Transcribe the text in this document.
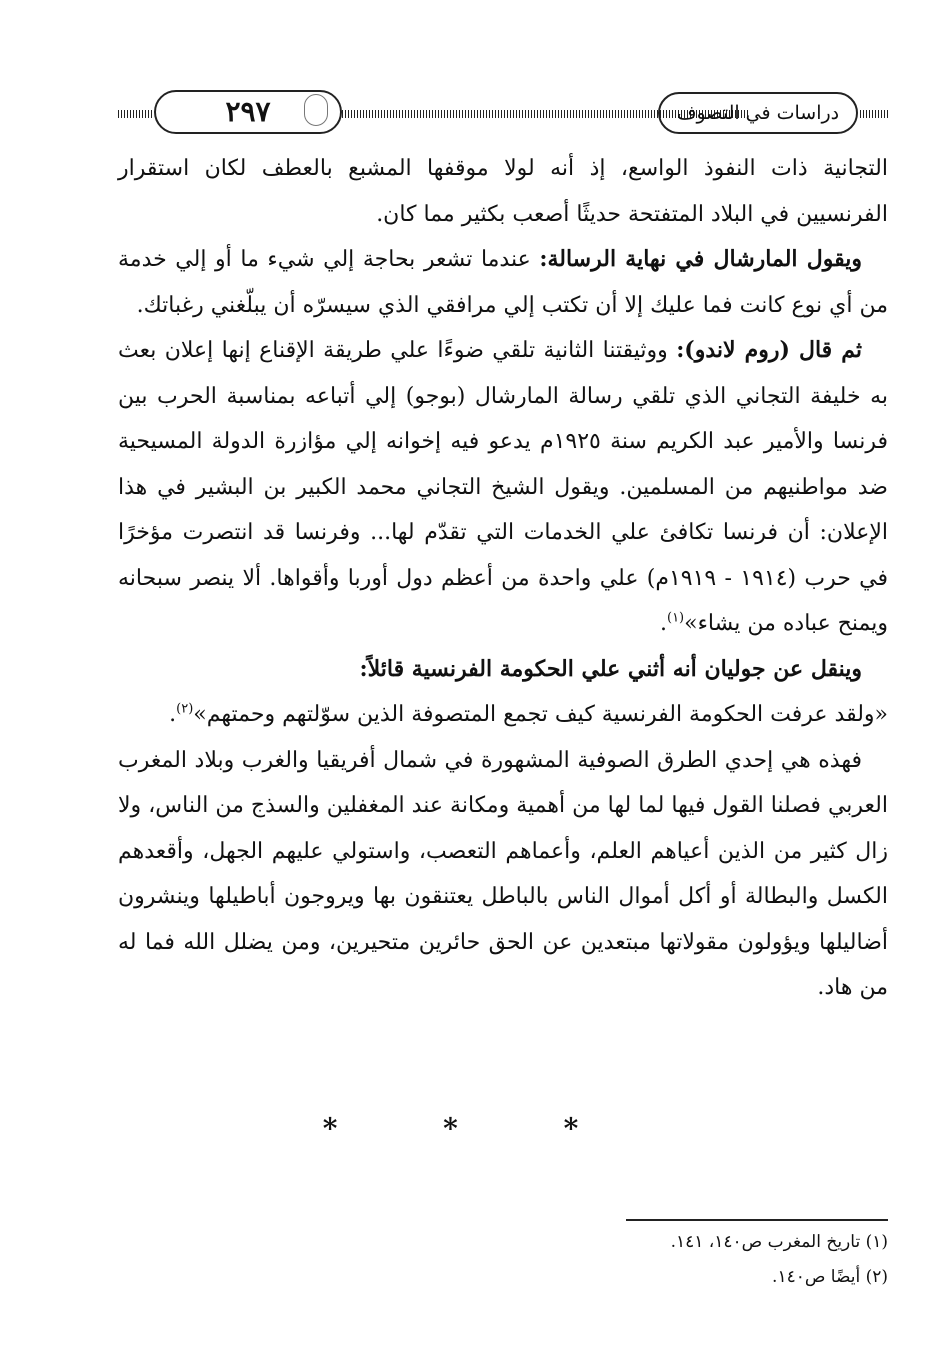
دراسات في التصوف
٢٩٧

التجانية ذات النفوذ الواسع، إذ أنه لولا موقفها المشبع بالعطف لكان استقرار الفرنسيين في البلاد المتفتحة حديثًا أصعب بكثير مما كان.

ويقول المارشال في نهاية الرسالة: عندما تشعر بحاجة إلي شيء ما أو إلي خدمة من أي نوع كانت فما عليك إلا أن تكتب إلي مرافقي الذي سيسرّه أن يبلّغني رغباتك.

ثم قال (روم لاندو): ووثيقتنا الثانية تلقي ضوءًا علي طريقة الإقناع إنها إعلان بعث به خليفة التجاني الذي تلقي رسالة المارشال (بوجو) إلي أتباعه بمناسبة الحرب بين فرنسا والأمير عبد الكريم سنة ١٩٢٥م يدعو فيه إخوانه إلي مؤازرة الدولة المسيحية ضد مواطنيهم من المسلمين. ويقول الشيخ التجاني محمد الكبير بن البشير في هذا الإعلان: أن فرنسا تكافئ علي الخدمات التي تقدّم لها... وفرنسا قد انتصرت مؤخرًا في حرب (١٩١٤ - ١٩١٩م) علي واحدة من أعظم دول أوربا وأقواها. ألا ينصر سبحانه ويمنح عباده من يشاء»$^{(١)}$.

وينقل عن جوليان أنه أثني علي الحكومة الفرنسية قائلاً:

«ولقد عرفت الحكومة الفرنسية كيف تجمع المتصوفة الذين سوّلتهم وحمتهم»$^{(٢)}$.

فهذه هي إحدي الطرق الصوفية المشهورة في شمال أفريقيا والغرب وبلاد المغرب العربي فصلنا القول فيها لما لها من أهمية ومكانة عند المغفلين والسذج من الناس، ولا زال كثير من الذين أعياهم العلم، وأعماهم التعصب، واستولي عليهم الجهل، وأقعدهم الكسل والبطالة أو أكل أموال الناس بالباطل يعتنقون بها ويروجون أباطيلها وينشرون أضاليلها ويؤولون مقولاتها مبتعدين عن الحق حائرين متحيرين، ومن يضلل الله فما له من هاد.

* * *
(١) تاريخ المغرب ص١٤٠، ١٤١.
(٢) أيضًا ص١٤٠.
